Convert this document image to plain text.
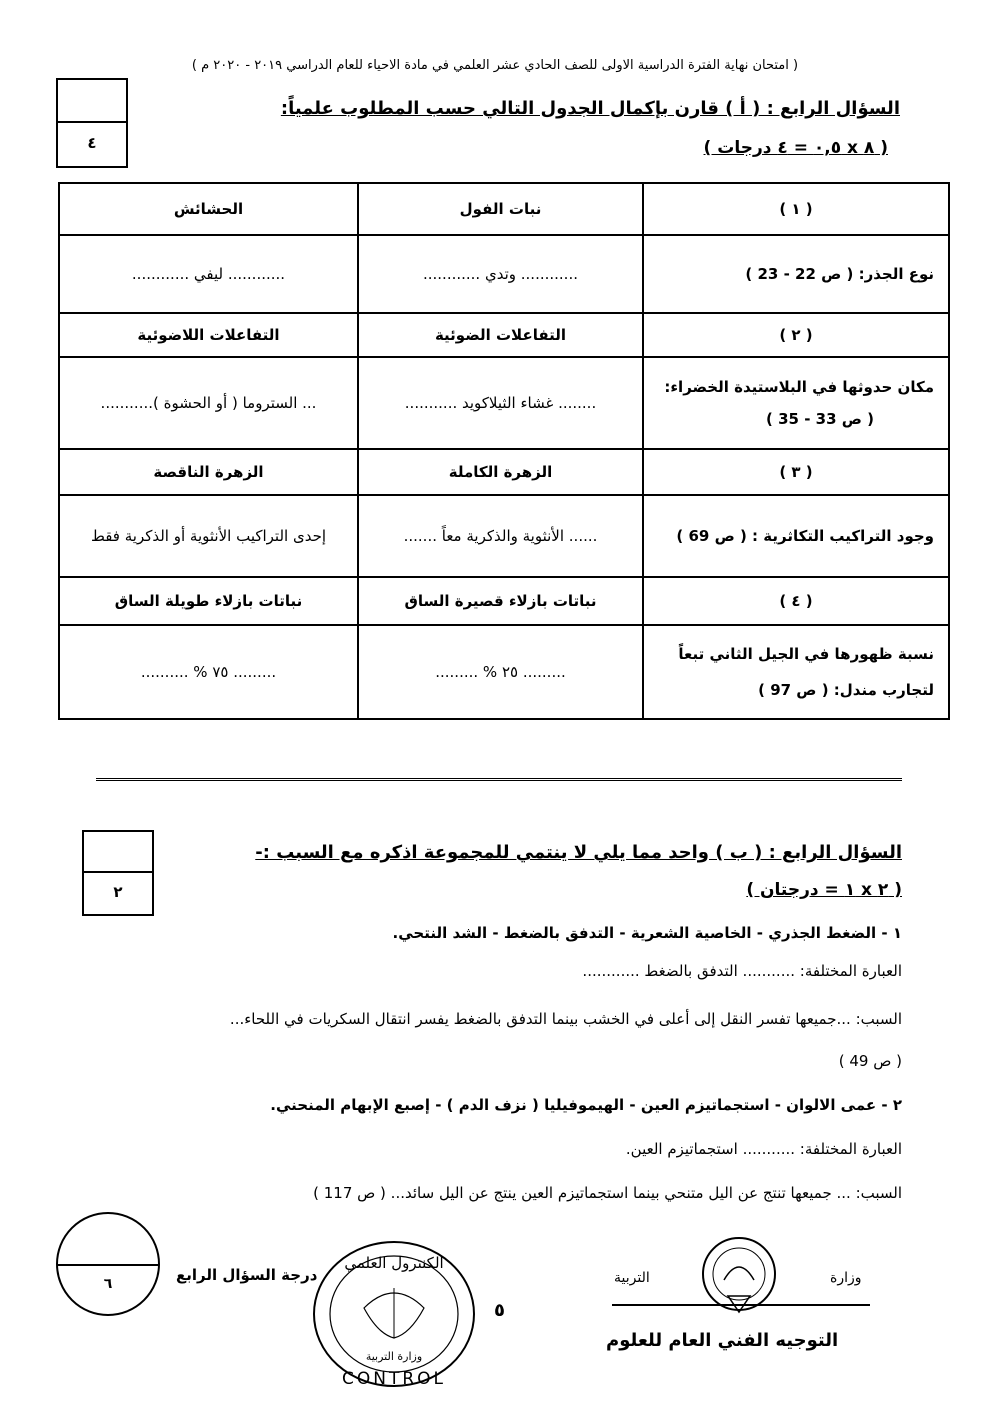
( امتحان نهاية الفترة الدراسية الاولى للصف الحادي عشر العلمي في مادة الاحياء للعام الدراسي ٢٠١٩ - ٢٠٢٠ م )
٤
السؤال الرابع : ( أ ) قارن بإكمال الجدول التالي حسب المطلوب علمياً:
( ٨ x ٠,٥ = ٤ درجات )
( ١ )	نبات الفول	الحشائش
نوع الجذر: ( ص 22 - 23 )	............ وتدي ............	............ ليفي ............
( ٢ )	التفاعلات الضوئية	التفاعلات اللاضوئية

مكان حدوثها في البلاستيدة الخضراء:
( ص 33 - 35 )	........ غشاء الثيلاكويد ...........	... الستروما ( أو الحشوة )...........
( ٣ )	الزهرة الكاملة	الزهرة الناقصة
وجود التراكيب التكاثرية : ( ص 69 )	...... الأنثوية والذكرية معاً .......	إحدى التراكيب الأنثوية أو الذكرية فقط
( ٤ )	نباتات بازلاء قصيرة الساق	نباتات بازلاء طويلة الساق

نسبة ظهورها في الجيل الثاني تبعاً
لتجارب مندل: ( ص 97 )	......... ٢٥ % .........	......... ٧٥ % ..........
٢
السؤال الرابع : ( ب ) واحد مما يلي لا ينتمي للمجموعة اذكره مع السبب :-
( ٢ x ١ = درجتان )
١ - الضغط الجذري - الخاصية الشعرية - التدفق بالضغط - الشد النتحي.
العبارة المختلفة: ........... التدفق بالضغط ............
السبب: ...جميعها تفسر النقل إلى أعلى في الخشب بينما التدفق بالضغط يفسر انتقال السكريات في اللحاء...
( ص 49 )
٢ - عمى الالوان - استجماتيزم العين - الهيموفيليا ( نزف الدم ) - إصبع الإبهام المنحني.
العبارة المختلفة: ........... استجماتيزم العين.
السبب: ... جميعها تنتج عن اليل متنحي بينما استجماتيزم العين ينتج عن اليل سائد... ( ص 117 )
٦	درجة السؤال الرابع
الكنترول العلمي
وزارة التربية
CONTROL
٥
وزارة
التربية
التوجيه الفني العام للعلوم
